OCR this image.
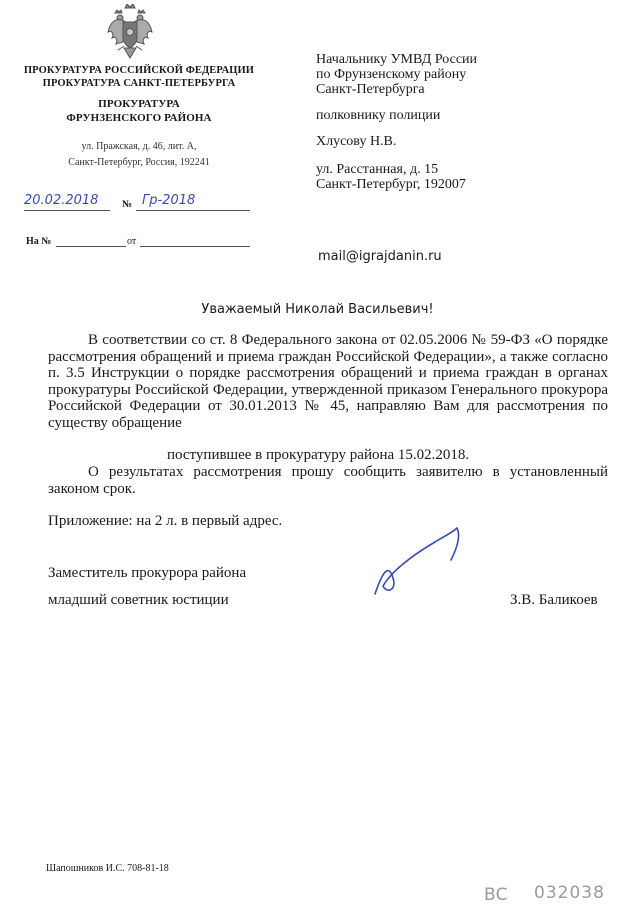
ПРОКУРАТУРА РОССИЙСКОЙ ФЕДЕРАЦИИ
ПРОКУРАТУРА САНКТ-ПЕТЕРБУРГА
ПРОКУРАТУРА
ФРУНЗЕНСКОГО РАЙОНА
ул. Пражская, д. 46, лит. А,
Санкт-Петербург, Россия, 192241
20.02.2018 № Гр-2018
На №	от
Начальнику УМВД России
по Фрунзенскому району
Санкт-Петербурга
полковнику полиции
Хлусову Н.В.
ул. Расстанная, д. 15
Санкт-Петербург, 192007
mail@igrajdanin.ru
Уважаемый Николай Васильевич!
В соответствии со ст. 8 Федерального закона от 02.05.2006 № 59-ФЗ «О порядке рассмотрения обращений и приема граждан Российской Федерации», а также согласно п. 3.5 Инструкции о порядке рассмотрения обращений и приема граждан в органах прокуратуры Российской Федерации, утвержденной приказом Генерального прокурора Российской Федерации от 30.01.2013 № 45, направляю Вам для рассмотрения по существу обращение
поступившее в прокуратуру района 15.02.2018.
О результатах рассмотрения прошу сообщить заявителю в установленный законом срок.
Приложение: на 2 л. в первый адрес.
Заместитель прокурора района
младший советник юстиции	З.В. Баликоев
Шапошников И.С. 708-81-18
ВС 032038
